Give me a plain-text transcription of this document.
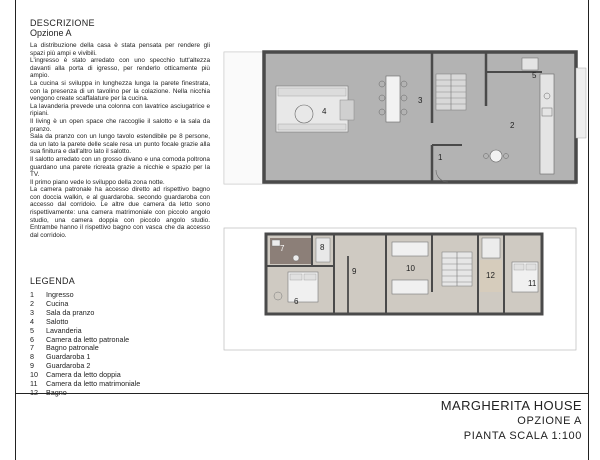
DESCRIZIONE
Opzione A
La distribuzione della casa è stata pensata per rendere gli spazi più ampi e vivibili.
L'ingresso è stato arredato con uno specchio tutt'altezza davanti alla porta di igresso, per renderlo otticamente più ampio.
La cucina si sviluppa in lunghezza lunga la parete finestrata, con la presenza di un tavolino per la colazione. Nella nicchia vengono create scaffalature per la cucina.
La lavanderia prevede una colonna con lavatrice asciugatrice e ripiani.
Il living è un open space che raccoglie il salotto e la sala da pranzo.
Sala da pranzo con un lungo tavolo estendibile pe 8 persone, da un lato la parete delle scale resa un punto focale grazie alla sua finitura e dall'altro lato il salotto.
Il salotto arredato con un grosso divano e una comoda poltrona guardano una parete ricreata grazie a nicchie e spazio per la TV.
Il primo piano vede lo sviluppo della zona notte.
La camera patronale ha accesso diretto ad rispettivo bagno con doccia walkin, e al guardaroba. secondo guardaroba con accesso dal corridoio. Le altre due camera da letto sono rispettivamente: una camera matrimoniale con piccolo angolo studio, una camera doppia con piccolo angolo studio. Entrambe hanno il rispettivo bagno con vasca che da accesso dal corridoio.
LEGENDA
1	Ingresso
2	Cucina
3	Sala da pranzo
4	Salotto
5	Lavanderia
6	Camera da letto patronale
7	Bagno patronale
8	Guardaroba 1
9	Guardaroba 2
10	Camera da letto doppia
11	Camera da letto matrimoniale
12	Bagno
1
2
3
4
5
6
7	8
9	10
11
12
MARGHERITA HOUSE
OPZIONE A
PIANTA SCALA 1:100
